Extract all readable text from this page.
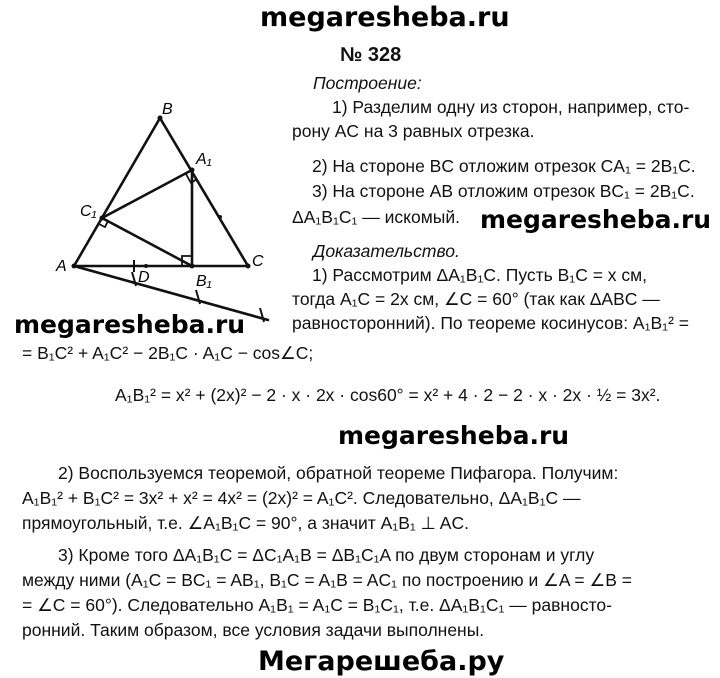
megaresheba.ru
megaresheba.ru
megaresheba.ru
megaresheba.ru
Мегарешеба.ру
№ 328
A
B
C
A₁
B₁
C₁
D
Построение:
1) Разделим одну из сторон, например, сто-
рону AC на 3 равных отрезка.
2) На стороне BC отложим отрезок CA₁ = 2B₁C.
3) На стороне AB отложим отрезок BC₁ = 2B₁C.
ΔA₁B₁C₁ — искомый.
Доказательство.
1) Рассмотрим ΔA₁B₁C. Пусть B₁C = x см,
тогда A₁C = 2x см, ∠C = 60° (так как ΔABC —
равносторонний). По теореме косинусов: A₁B₁² =
= B₁C² + A₁C² − 2B₁C · A₁C − cos∠C;
A₁B₁² = x² + (2x)² − 2 · x · 2x · cos60° = x² + 4 · 2 − 2 · x · 2x · ½ = 3x².
2) Воспользуемся теоремой, обратной теореме Пифагора. Получим:
A₁B₁² + B₁C² = 3x² + x² = 4x² = (2x)² = A₁C². Следовательно, ΔA₁B₁C —
прямоугольный, т.е. ∠A₁B₁C = 90°, а значит A₁B₁ ⊥ AC.
3) Кроме того ΔA₁B₁C = ΔC₁A₁B = ΔB₁C₁A по двум сторонам и углу
между ними (A₁C = BC₁ = AB₁, B₁C = A₁B = AC₁ по построению и ∠A = ∠B =
= ∠C = 60°). Следовательно A₁B₁ = A₁C = B₁C₁, т.е. ΔA₁B₁C₁ — равносто-
ронний. Таким образом, все условия задачи выполнены.
